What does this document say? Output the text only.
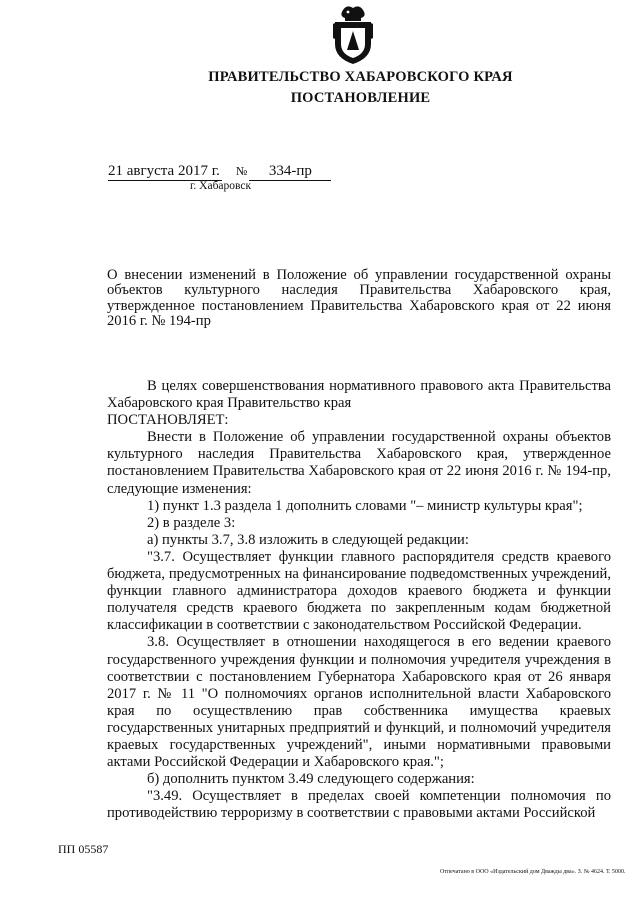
ПРАВИТЕЛЬСТВО ХАБАРОВСКОГО КРАЯ
ПОСТАНОВЛЕНИЕ
21 августа 2017 г. № 334-пр
г. Хабаровск
О внесении изменений в Положение об управлении государственной охраны объектов культурного наследия Правительства Хабаровского края, утвержденное постановлением Правительства Хабаровского края от 22 июня 2016 г. № 194-пр

В целях совершенствования нормативного правового акта Правительства Хабаровского края Правительство края

ПОСТАНОВЛЯЕТ:

Внести в Положение об управлении государственной охраны объектов культурного наследия Правительства Хабаровского края, утвержденное постановлением Правительства Хабаровского края от 22 июня 2016 г. № 194-пр, следующие изменения:

1) пункт 1.3 раздела 1 дополнить словами "– министр культуры края";

2) в разделе 3:

а) пункты 3.7, 3.8 изложить в следующей редакции:

"3.7. Осуществляет функции главного распорядителя средств краевого бюджета, предусмотренных на финансирование подведомственных учреждений, функции главного администратора доходов краевого бюджета и функции получателя средств краевого бюджета по закрепленным кодам бюджетной классификации в соответствии с законодательством Российской Федерации.

3.8. Осуществляет в отношении находящегося в его ведении краевого государственного учреждения функции и полномочия учредителя учреждения в соответствии с постановлением Губернатора Хабаровского края от 26 января 2017 г. № 11 "О полномочиях органов исполнительной власти Хабаровского края по осуществлению прав собственника имущества краевых государственных унитарных предприятий и функций, и полномочий учредителя краевых государственных учреждений", иными нормативными правовыми актами Российской Федерации и Хабаровского края.";

б) дополнить пунктом 3.49 следующего содержания:

"3.49. Осуществляет в пределах своей компетенции полномочия по противодействию терроризму в соответствии с правовыми актами Российской

ПП 05587
Отпечатано в ООО «Издательский дом Дважды два». З. № 4624. Т. 5000.
